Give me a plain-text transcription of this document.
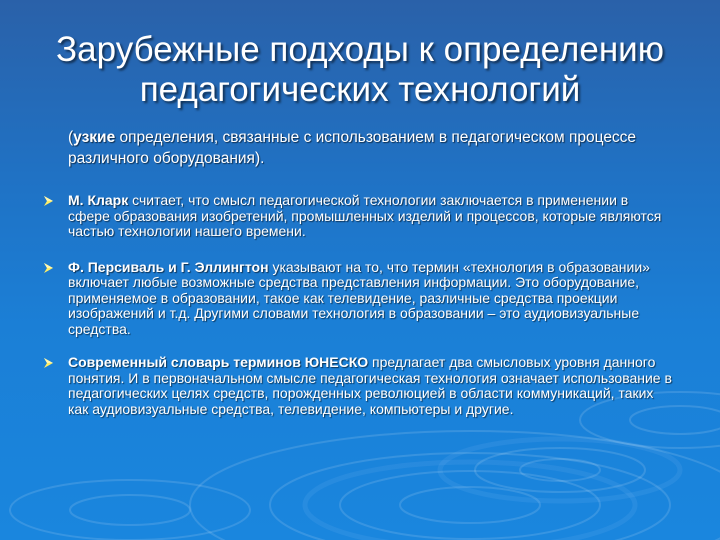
Зарубежные подходы к определению педагогических технологий

(узкие определения, связанные с использованием в педагогическом процессе различного оборудования).

М. Кларк считает, что смысл педагогической технологии заключается в применении в сфере образования изобретений, промышленных изделий и процессов, которые являются частью технологии нашего времени.
Ф. Персиваль и Г. Эллингтон указывают на то, что термин «технология в образовании» включает любые возможные средства представления информации. Это оборудование, применяемое в образовании, такое как телевидение, различные средства проекции изображений и т.д. Другими словами технология в образовании – это аудиовизуальные средства.
Современный словарь терминов ЮНЕСКО предлагает два смысловых уровня данного понятия. И в первоначальном смысле педагогическая технология означает использование в педагогических целях средств, порожденных революцией в области коммуникаций, таких как аудиовизуальные средства, телевидение, компьютеры и другие.
